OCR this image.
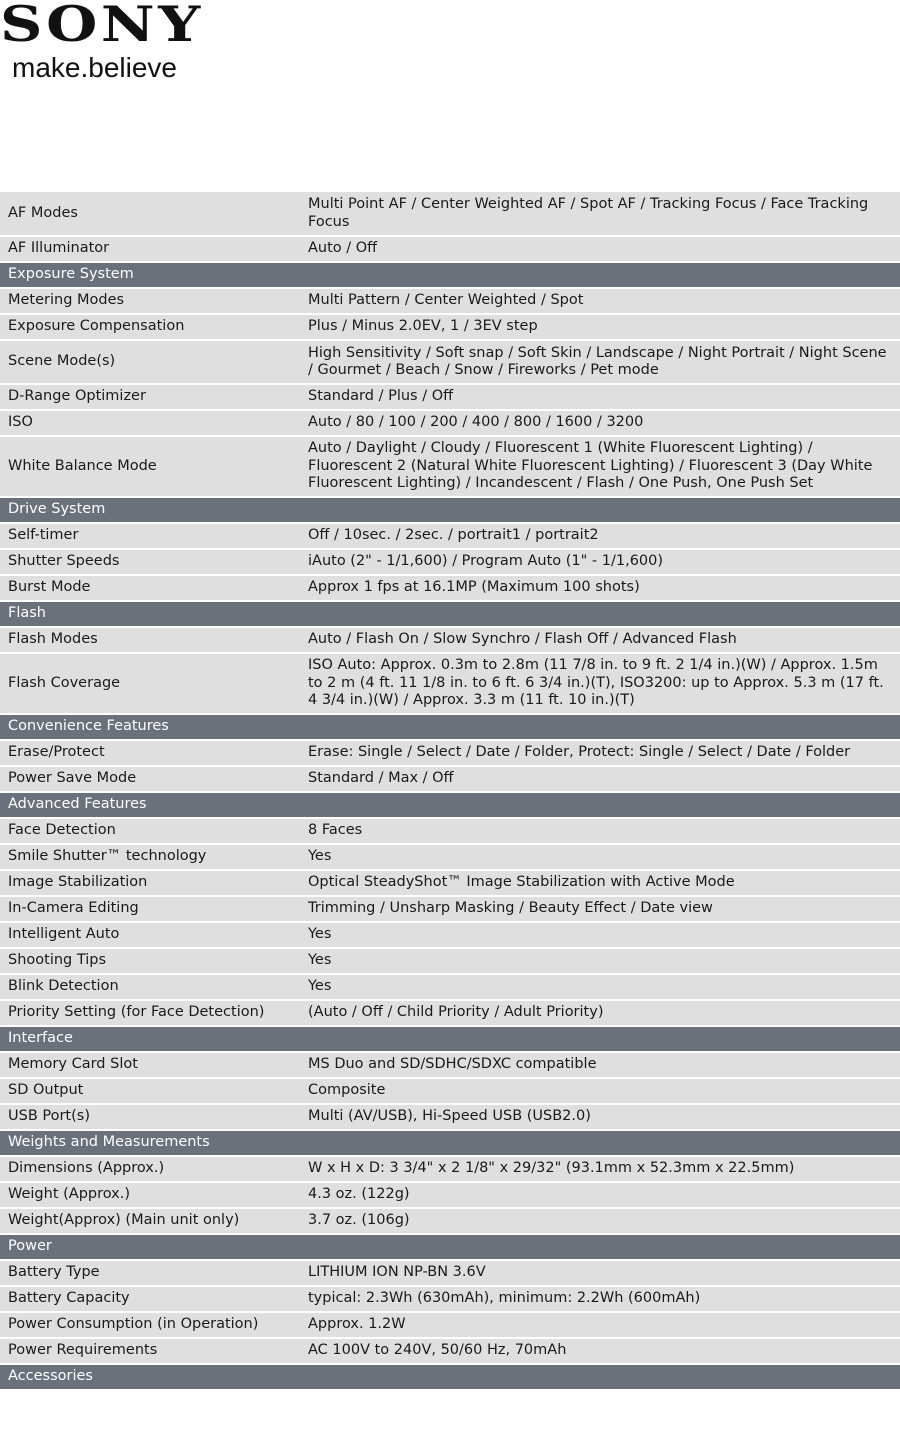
SONY
make.believe
AF Modes	Multi Point AF / Center Weighted AF / Spot AF / Tracking Focus / Face Tracking Focus
AF Illuminator	Auto / Off
Exposure System	
Metering Modes	Multi Pattern / Center Weighted / Spot
Exposure Compensation	Plus / Minus 2.0EV, 1 / 3EV step
Scene Mode(s)	High Sensitivity / Soft snap / Soft Skin / Landscape / Night Portrait / Night Scene / Gourmet / Beach / Snow / Fireworks / Pet mode
D-Range Optimizer	Standard / Plus / Off
ISO	Auto / 80 / 100 / 200 / 400 / 800 / 1600 / 3200
White Balance Mode	Auto / Daylight / Cloudy / Fluorescent 1 (White Fluorescent Lighting) / Fluorescent 2 (Natural White Fluorescent Lighting) / Fluorescent 3 (Day White Fluorescent Lighting) / Incandescent / Flash / One Push, One Push Set
Drive System	
Self-timer	Off / 10sec. / 2sec. / portrait1 / portrait2
Shutter Speeds	iAuto (2" - 1/1,600) / Program Auto (1" - 1/1,600)
Burst Mode	Approx 1 fps at 16.1MP (Maximum 100 shots)
Flash	
Flash Modes	Auto / Flash On / Slow Synchro / Flash Off / Advanced Flash
Flash Coverage	ISO Auto: Approx. 0.3m to 2.8m (11 7/8 in. to 9 ft. 2 1/4 in.)(W) / Approx. 1.5m to 2 m (4 ft. 11 1/8 in. to 6 ft. 6 3/4 in.)(T), ISO3200: up to Approx. 5.3 m (17 ft. 4 3/4 in.)(W) / Approx. 3.3 m (11 ft. 10 in.)(T)
Convenience Features	
Erase/Protect	Erase: Single / Select / Date / Folder, Protect: Single / Select / Date / Folder
Power Save Mode	Standard / Max / Off
Advanced Features	
Face Detection	8 Faces
Smile Shutter™ technology	Yes
Image Stabilization	Optical SteadyShot™ Image Stabilization with Active Mode
In-Camera Editing	Trimming / Unsharp Masking / Beauty Effect / Date view
Intelligent Auto	Yes
Shooting Tips	Yes
Blink Detection	Yes
Priority Setting (for Face Detection)	(Auto / Off / Child Priority / Adult Priority)
Interface	
Memory Card Slot	MS Duo and SD/SDHC/SDXC compatible
SD Output	Composite
USB Port(s)	Multi (AV/USB), Hi-Speed USB (USB2.0)
Weights and Measurements	
Dimensions (Approx.)	W x H x D: 3 3/4" x 2 1/8" x 29/32" (93.1mm x 52.3mm x 22.5mm)
Weight (Approx.)	4.3 oz. (122g)
Weight(Approx) (Main unit only)	3.7 oz. (106g)
Power	
Battery Type	LITHIUM ION NP-BN 3.6V
Battery Capacity	typical: 2.3Wh (630mAh), minimum: 2.2Wh (600mAh)
Power Consumption (in Operation)	Approx. 1.2W
Power Requirements	AC 100V to 240V, 50/60 Hz, 70mAh
Accessories	
